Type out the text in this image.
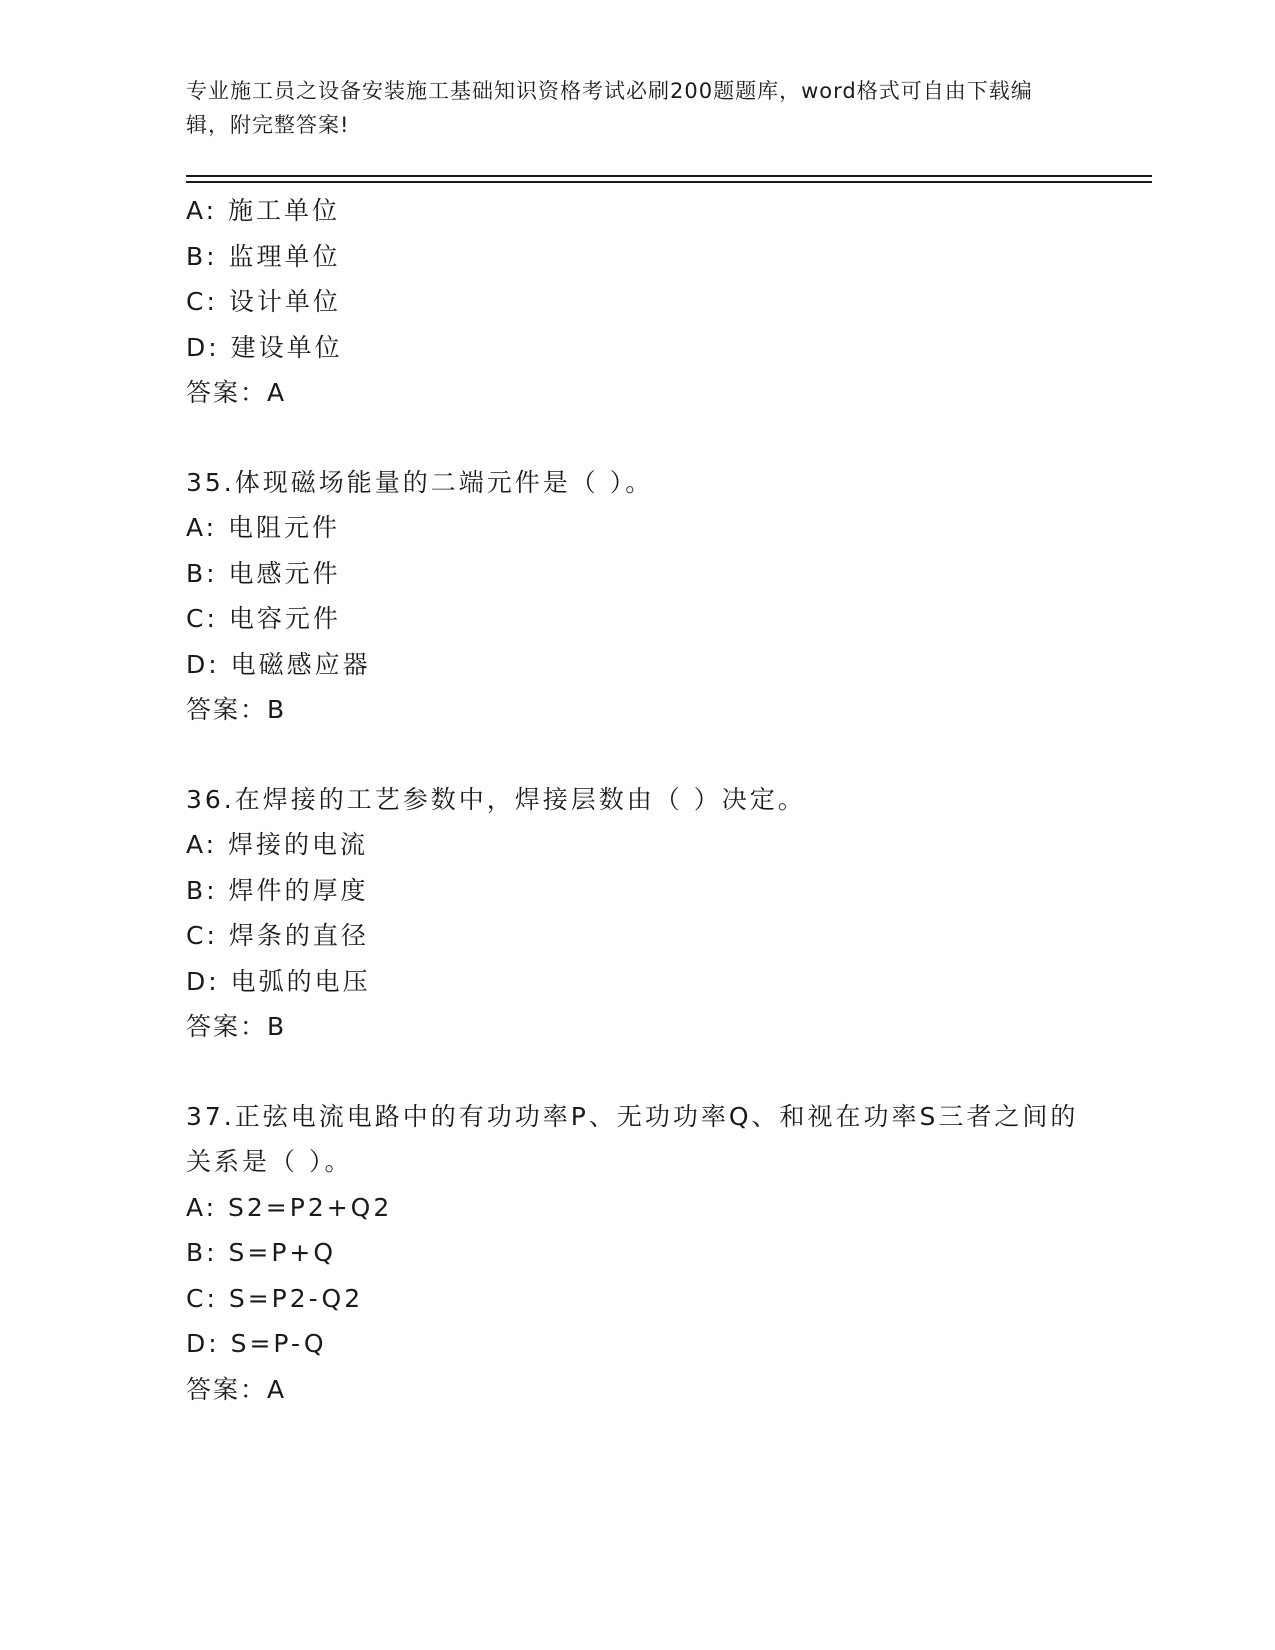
专业施工员之设备安装施工基础知识资格考试必刷200题题库，word格式可自由下载编辑，附完整答案!
A: 施工单位
B: 监理单位
C: 设计单位
D: 建设单位
答案：A
35.体现磁场能量的二端元件是（ ）。
A: 电阻元件
B: 电感元件
C: 电容元件
D: 电磁感应器
答案：B
36.在焊接的工艺参数中，焊接层数由（ ）决定。
A: 焊接的电流
B: 焊件的厚度
C: 焊条的直径
D: 电弧的电压
答案：B
37.正弦电流电路中的有功功率P、无功功率Q、和视在功率S三者之间的关系是（ ）。
A: S2=P2+Q2
B: S=P+Q
C: S=P2-Q2
D: S=P-Q
答案：A
